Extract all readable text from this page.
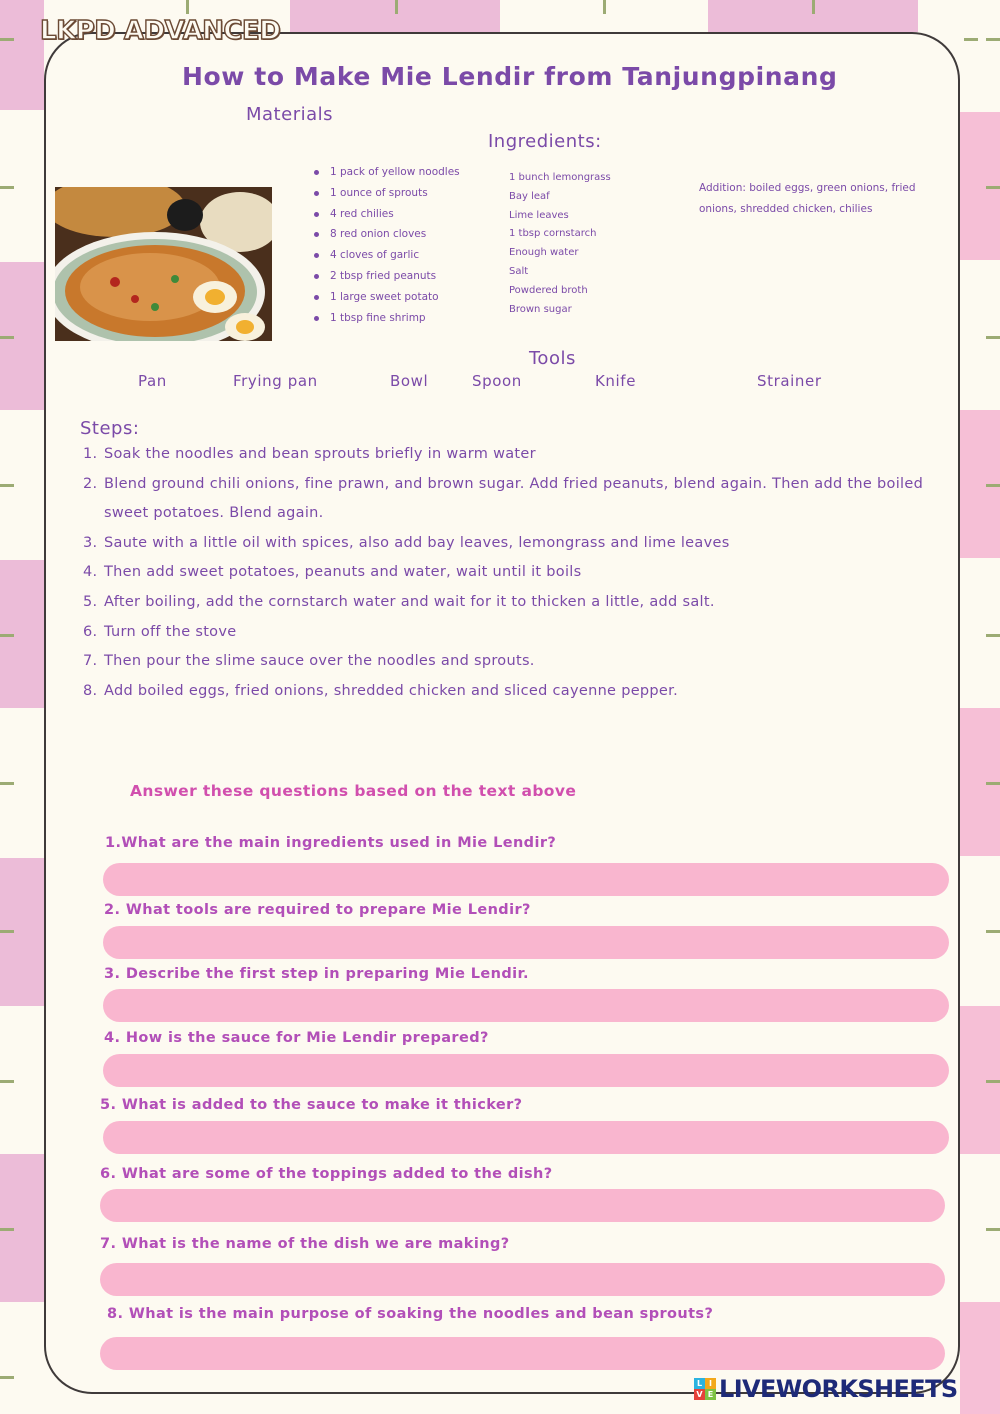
LKPD ADVANCED
How to Make Mie Lendir from Tanjungpinang
Materials
Ingredients:
1 pack of yellow noodles
1 ounce of sprouts
4 red chilies
8 red onion cloves
4 cloves of garlic
2 tbsp fried peanuts
1 large sweet potato
1 tbsp fine shrimp
1 bunch lemongrass
Bay leaf
Lime leaves
1 tbsp cornstarch
Enough water
Salt
Powdered broth
Brown sugar
Addition: boiled eggs, green onions, fried onions, shredded chicken, chilies
Tools
Pan	Frying pan	Bowl	Spoon	Knife	Strainer
Steps:
1. Soak the noodles and bean sprouts briefly in warm water
2. Blend ground chili onions, fine prawn, and brown sugar. Add fried peanuts, blend again. Then add the boiled sweet potatoes. Blend again.
3. Saute with a little oil with spices, also add bay leaves, lemongrass and lime leaves
4. Then add sweet potatoes, peanuts and water, wait until it boils
5. After boiling, add the cornstarch water and wait for it to thicken a little, add salt.
6. Turn off the stove
7. Then pour the slime sauce over the noodles and sprouts.
8. Add boiled eggs, fried onions, shredded chicken and sliced cayenne pepper.
Answer these questions based on the text above
1.What are the main ingredients used in Mie Lendir?
2. What tools are required to prepare Mie Lendir?
3. Describe the first step in preparing Mie Lendir.
4. How is the sauce for Mie Lendir prepared?
5. What is added to the sauce to make it thicker?
6. What are some of the toppings added to the dish?
7. What is the name of the dish we are making?
8. What is the main purpose of soaking the noodles and bean sprouts?
L I
V E LIVEWORKSHEETS
